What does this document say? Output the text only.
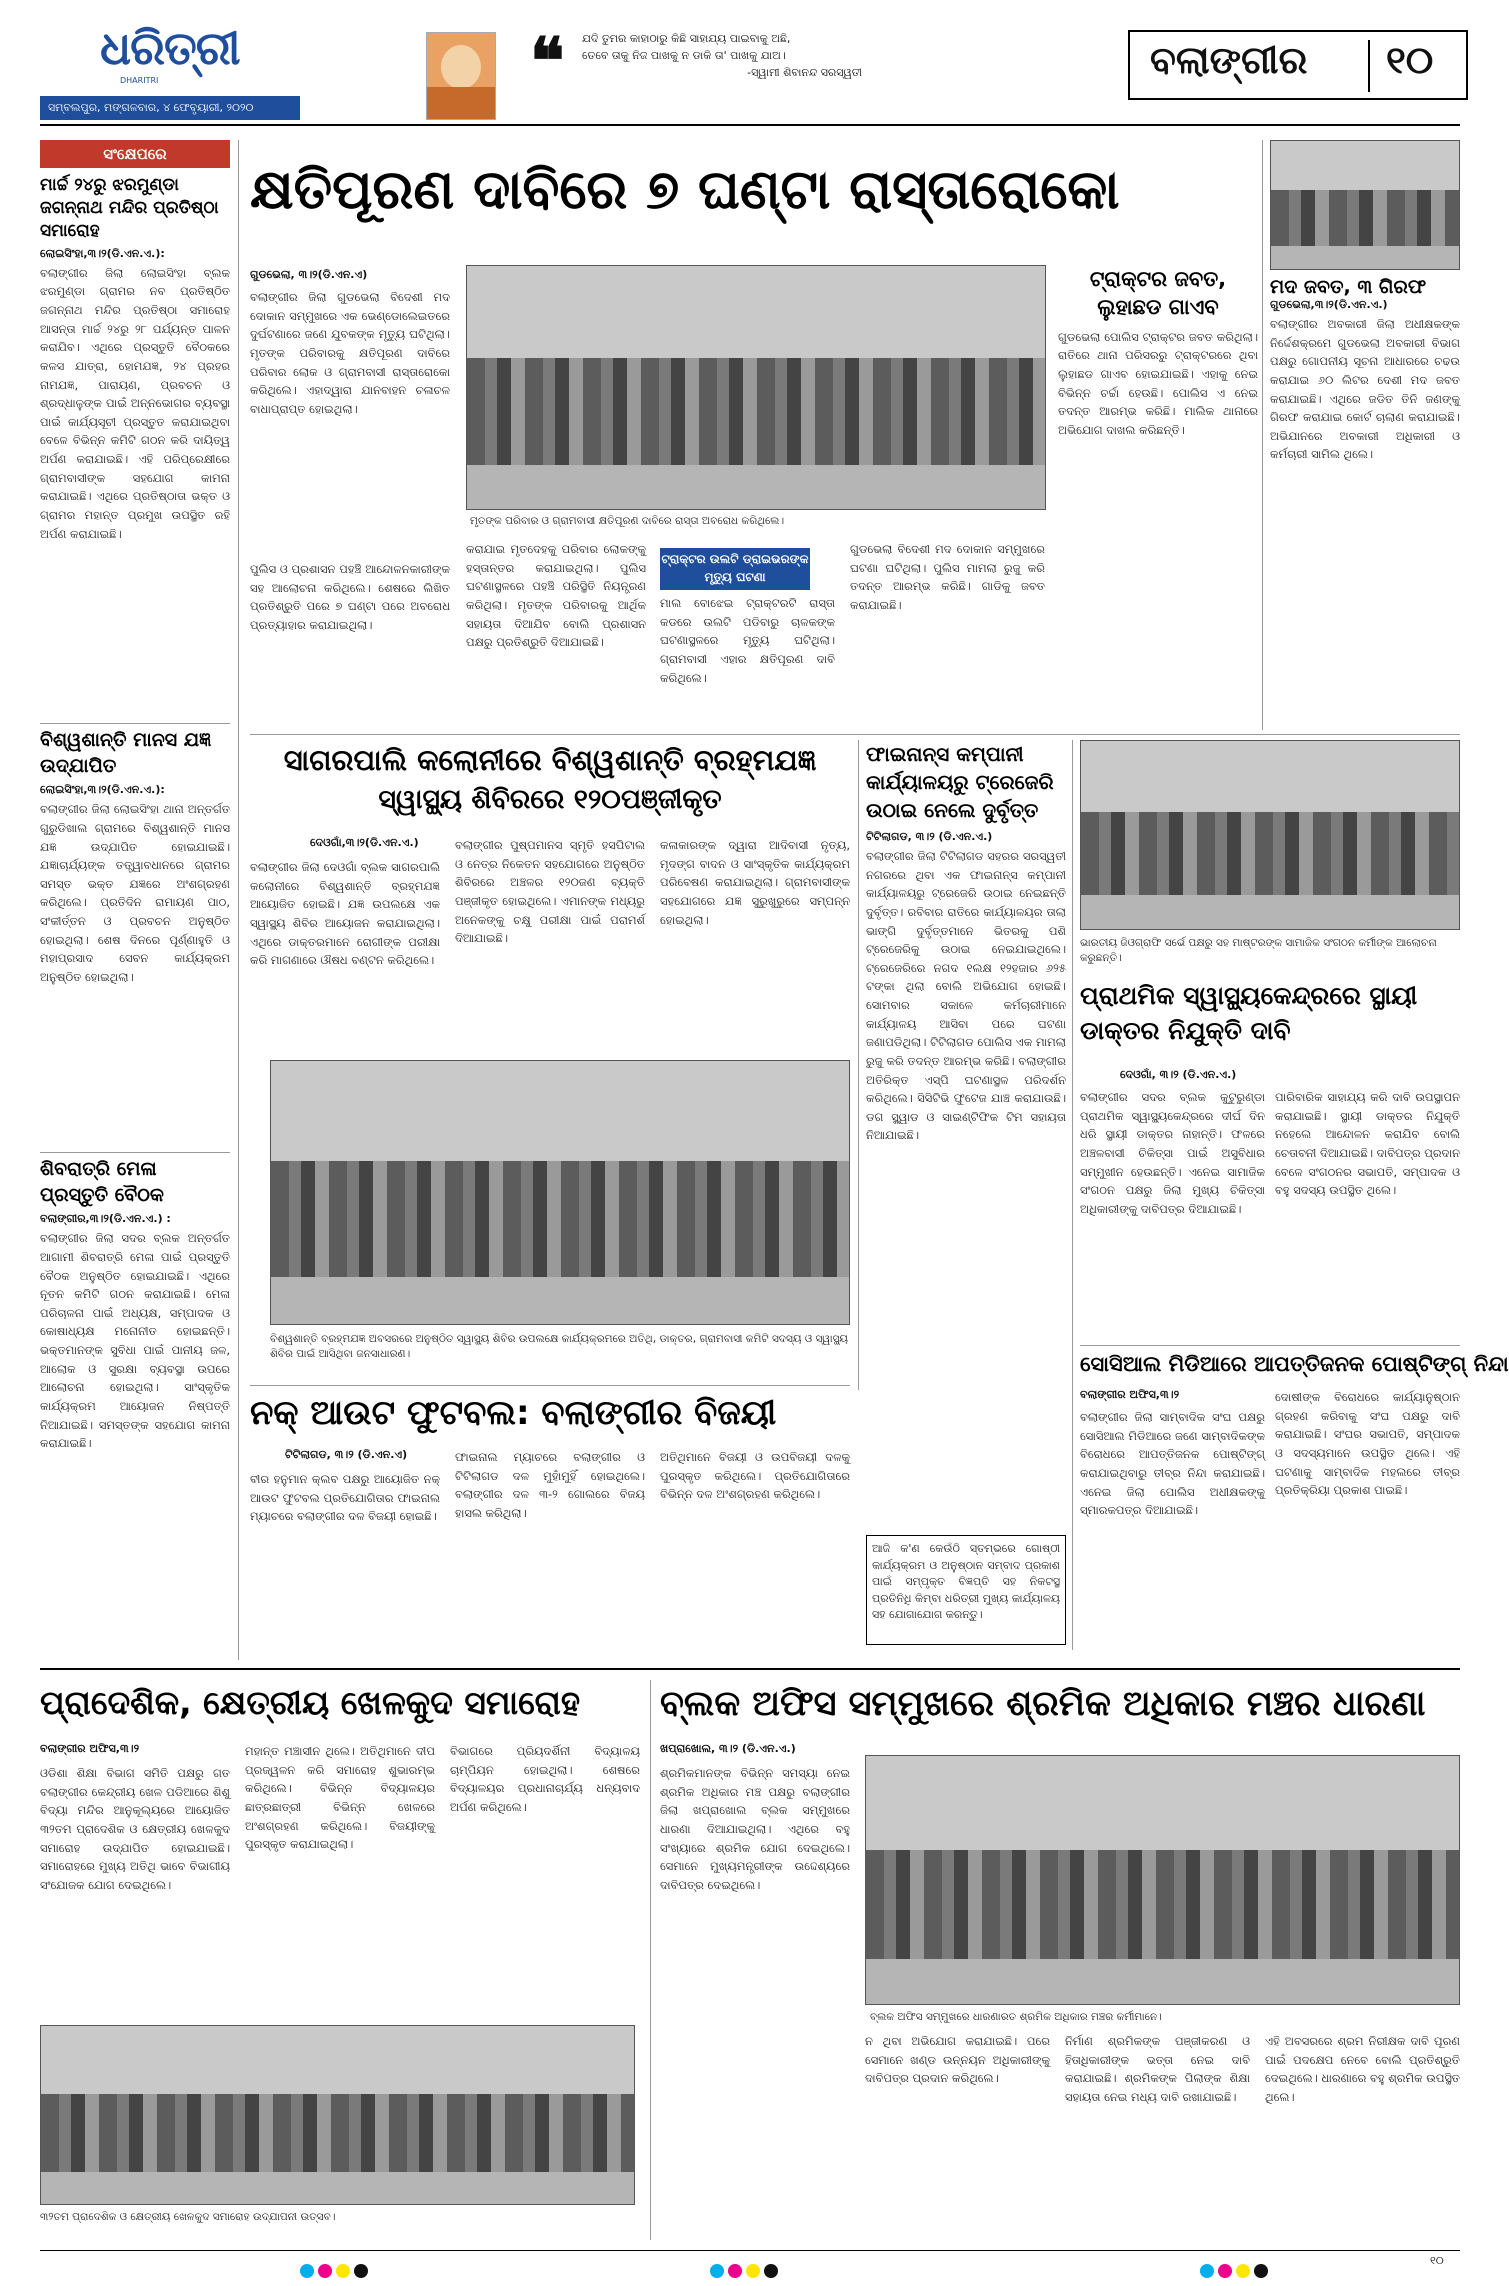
ଧରିତ୍ରୀ
DHARITRI
ସମ୍ବଲପୁର, ମଙ୍ଗଳବାର, ୪ ଫେବୃୟାରୀ, ୨୦୨୦
❝	ଯଦି ତୁମର କାହାଠାରୁ କିଛି ସାହାଯ୍ୟ ପାଇବାକୁ ଅଛି,
ତେବେ ତାକୁ ନିଜ ପାଖକୁ ନ ଡାକି ତା' ପାଖକୁ ଯାଅ।
-ସ୍ୱାମୀ ଶିବାନନ୍ଦ ସରସ୍ୱତୀ	ବଲାଙ୍ଗୀର ୧୦
ସଂକ୍ଷେପରେ
ମାର୍ଚ୍ଚ ୨୪ରୁ ଝରମୁଣ୍ଡା ଜଗନ୍ନାଥ ମନ୍ଦିର ପ୍ରତିଷ୍ଠା ସମାରୋହ
ଲୋଇସିଂହା,୩।୨(ଡି.ଏନ.ଏ.):
ବଲାଙ୍ଗୀର ଜିଲା ଲୋଇସିଂହା ବ୍ଲକ ଝରମୁଣ୍ଡା ଗ୍ରାମର ନବ ପ୍ରତିଷ୍ଠିତ ଜଗନ୍ନାଥ ମନ୍ଦିର ପ୍ରତିଷ୍ଠା ସମାରୋହ ଆସନ୍ତା ମାର୍ଚ୍ଚ ୨୪ରୁ ୨୮ ପର୍ଯ୍ୟନ୍ତ ପାଳନ କରାଯିବ। ଏଥିରେ ପ୍ରସ୍ତୁତି ବୈଠକରେ କଳସ ଯାତ୍ରା, ହୋମଯଜ୍ଞ, ୨୪ ପ୍ରହର ନାମଯଜ୍ଞ, ପାରାୟଣ, ପ୍ରବଚନ ଓ ଶ୍ରଦ୍ଧାଳୁଙ୍କ ପାଇଁ ଅନ୍ନଭୋଗର ବ୍ୟବସ୍ଥା ପାଇଁ କାର୍ଯ୍ୟସୂଚୀ ପ୍ରସ୍ତୁତ କରାଯାଇଥିବା ବେଳେ ବିଭିନ୍ନ କମିଟି ଗଠନ କରି ଦାୟିତ୍ୱ ଅର୍ପଣ କରାଯାଇଛି। ଏହି ପରିପ୍ରେକ୍ଷୀରେ ଗ୍ରାମବାସୀଙ୍କ ସହଯୋଗ କାମନା କରାଯାଇଛି। ଏଥିରେ ପ୍ରତିଷ୍ଠାତା ଭକ୍ତ ଓ ଗ୍ରାମର ମହାନ୍ତ ପ୍ରମୁଖ ଉପସ୍ଥିତ ରହି ଅର୍ପଣ କରାଯାଇଛି।
ବିଶ୍ୱଶାନ୍ତି ମାନସ ଯଜ୍ଞ ଉଦ୍‌ଯାପିତ
ଲୋଇସିଂହା,୩।୨(ଡି.ଏନ.ଏ.):
ବଲାଙ୍ଗୀର ଜିଲା ଲୋଇସିଂହା ଥାନା ଅନ୍ତର୍ଗତ ଗୁରୁଡିଖାଲ ଗ୍ରାମରେ ବିଶ୍ୱଶାନ୍ତି ମାନସ ଯଜ୍ଞ ଉଦ୍‌ଯାପିତ ହୋଇଯାଇଛି। ଯଜ୍ଞାଚାର୍ଯ୍ୟଙ୍କ ତତ୍ତ୍ୱାବଧାନରେ ଗ୍ରାମର ସମସ୍ତ ଭକ୍ତ ଯଜ୍ଞରେ ଅଂଶଗ୍ରହଣ କରିଥିଲେ। ପ୍ରତିଦିନ ରାମାୟଣ ପାଠ, ସଂକୀର୍ତ୍ତନ ଓ ପ୍ରବଚନ ଅନୁଷ୍ଠିତ ହୋଇଥିଲା। ଶେଷ ଦିନରେ ପୂର୍ଣ୍ଣାହୁତି ଓ ମହାପ୍ରସାଦ ସେବନ କାର୍ଯ୍ୟକ୍ରମ ଅନୁଷ୍ଠିତ ହୋଇଥିଲା।
ଶିବରାତ୍ରି ମେଳା ପ୍ରସ୍ତୁତି ବୈଠକ
ବଲାଙ୍ଗୀର,୩।୨(ଡି.ଏନ.ଏ.) :
ବଲାଙ୍ଗୀର ଜିଲା ସଦର ବ୍ଲକ ଅନ୍ତର୍ଗତ ଆଗାମୀ ଶିବରାତ୍ରି ମେଳା ପାଇଁ ପ୍ରସ୍ତୁତି ବୈଠକ ଅନୁଷ୍ଠିତ ହୋଇଯାଇଛି। ଏଥିରେ ନୂତନ କମିଟି ଗଠନ କରାଯାଇଛି। ମେଳା ପରିଚାଳନା ପାଇଁ ଅଧ୍ୟକ୍ଷ, ସମ୍ପାଦକ ଓ କୋଷାଧ୍ୟକ୍ଷ ମନୋନୀତ ହୋଇଛନ୍ତି। ଭକ୍ତମାନଙ୍କ ସୁବିଧା ପାଇଁ ପାନୀୟ ଜଳ, ଆଲୋକ ଓ ସୁରକ୍ଷା ବ୍ୟବସ୍ଥା ଉପରେ ଆଲୋଚନା ହୋଇଥିଲା। ସାଂସ୍କୃତିକ କାର୍ଯ୍ୟକ୍ରମ ଆୟୋଜନ ନିଷ୍ପତ୍ତି ନିଆଯାଇଛି। ସମସ୍ତଙ୍କ ସହଯୋଗ କାମନା କରାଯାଇଛି।
କ୍ଷତିପୂରଣ ଦାବିରେ ୭ ଘଣ୍ଟା ରାସ୍ତାରୋକୋ
ଗୁଡଭେଲା, ୩।୨(ଡି.ଏନ.ଏ)
ବଲାଙ୍ଗୀର ଜିଲା ଗୁଡଭେଲା ବିଦେଶୀ ମଦ ଦୋକାନ ସମ୍ମୁଖରେ ଏକ ଭେଣ୍ଡୋଲେଇତରେ ଦୁର୍ଘଟଣାରେ ଜଣେ ଯୁବକଙ୍କ ମୃତ୍ୟୁ ଘଟିଥିଲା। ମୃତଙ୍କ ପରିବାରକୁ କ୍ଷତିପୂରଣ ଦାବିରେ ପରିବାର ଲୋକ ଓ ଗ୍ରାମବାସୀ ରାସ୍ତାରୋକୋ କରିଥିଲେ। ଏହାଦ୍ୱାରା ଯାନବାହନ ଚଳାଚଳ ବାଧାପ୍ରାପ୍ତ ହୋଇଥିଲା।
ପୁଲିସ ଓ ପ୍ରଶାସନ ପହଞ୍ଚି ଆନ୍ଦୋଳନକାରୀଙ୍କ ସହ ଆଲୋଚନା କରିଥିଲେ। ଶେଷରେ ଲିଖିତ ପ୍ରତିଶ୍ରୁତି ପରେ ୭ ଘଣ୍ଟା ପରେ ଅବରୋଧ ପ୍ରତ୍ୟାହାର କରାଯାଇଥିଲା।
ମୃତଙ୍କ ପରିବାର ଓ ଗ୍ରାମବାସୀ କ୍ଷତିପୂରଣ ଦାବିରେ ରାସ୍ତା ଅବରୋଧ କରିଥିଲେ।
କରାଯାଇ ମୃତଦେହକୁ ପରିବାର ଲୋକଙ୍କୁ ହସ୍ତାନ୍ତର କରାଯାଇଥିଲା। ପୁଲିସ ଘଟଣାସ୍ଥଳରେ ପହଞ୍ଚି ପରିସ୍ଥିତି ନିୟନ୍ତ୍ରଣ କରିଥିଲା। ମୃତଙ୍କ ପରିବାରକୁ ଆର୍ଥିକ ସହାୟତା ଦିଆଯିବ ବୋଲି ପ୍ରଶାସନ ପକ୍ଷରୁ ପ୍ରତିଶ୍ରୁତି ଦିଆଯାଇଛି।
ଟ୍ରାକ୍ଟର ଉଲଟି ଡ୍ରାଇଭରଙ୍କ ମୃତ୍ୟୁ ଘଟଣା
ମାଲ ବୋଝେଇ ଟ୍ରାକ୍ଟରଟି ରାସ୍ତା କଡରେ ଉଲଟି ପଡିବାରୁ ଚାଳକଙ୍କ ଘଟଣାସ୍ଥଳରେ ମୃତ୍ୟୁ ଘଟିଥିଲା। ଗ୍ରାମବାସୀ ଏହାର କ୍ଷତିପୂରଣ ଦାବି କରିଥିଲେ।
ଗୁଡଭେଲା ବିଦେଶୀ ମଦ ଦୋକାନ ସମ୍ମୁଖରେ ଘଟଣା ଘଟିଥିଲା। ପୁଲିସ ମାମଲା ରୁଜୁ କରି ତଦନ୍ତ ଆରମ୍ଭ କରିଛି। ଗାଡିକୁ ଜବତ କରାଯାଇଛି।
ଟ୍ରାକ୍ଟର ଜବତ, ଲୁହାଛଡ ଗାଏବ
ଗୁଡଭେଲା ପୋଲିସ ଟ୍ରାକ୍ଟର ଜବତ କରିଥିଲା। ରାତିରେ ଥାନା ପରିସରରୁ ଟ୍ରାକ୍ଟରରେ ଥିବା ଲୁହାଛଡ ଗାଏବ ହୋଇଯାଇଛି। ଏହାକୁ ନେଇ ବିଭିନ୍ନ ଚର୍ଚ୍ଚା ହେଉଛି। ପୋଲିସ ଏ ନେଇ ତଦନ୍ତ ଆରମ୍ଭ କରିଛି। ମାଲିକ ଥାନାରେ ଅଭିଯୋଗ ଦାଖଲ କରିଛନ୍ତି।
ମଦ ଜବତ, ୩ ଗିରଫ
ଗୁଡଭେଲା,୩।୨(ଡି.ଏନ.ଏ.)
ବଲାଙ୍ଗୀର ଅବକାରୀ ଜିଲା ଅଧୀକ୍ଷକଙ୍କ ନିର୍ଦ୍ଦେଶକ୍ରମେ ଗୁଡଭେଲା ଅବକାରୀ ବିଭାଗ ପକ୍ଷରୁ ଗୋପନୀୟ ସୂଚନା ଆଧାରରେ ଚଢଉ କରାଯାଇ ୬୦ ଲିଟର ଦେଶୀ ମଦ ଜବତ କରାଯାଇଛି। ଏଥିରେ ଜଡିତ ତିନି ଜଣଙ୍କୁ ଗିରଫ କରାଯାଇ କୋର୍ଟ ଚାଲାଣ କରାଯାଇଛି। ଅଭିଯାନରେ ଅବକାରୀ ଅଧିକାରୀ ଓ କର୍ମଚାରୀ ସାମିଲ ଥିଲେ।
ସାଗରପାଲି କଲୋନୀରେ ବିଶ୍ୱଶାନ୍ତି ବ୍ରହ୍ମଯଜ୍ଞ
ସ୍ୱାସ୍ଥ୍ୟ ଶିବିରରେ ୧୨୦ପଞ୍ଜୀକୃତ
ଦେଓଗାଁ,୩।୨(ଡି.ଏନ.ଏ.)
ବଲାଙ୍ଗୀର ଜିଲା ଦେଓଗାଁ ବ୍ଲକ ସାଗରପାଲି କଲୋନୀରେ ବିଶ୍ୱଶାନ୍ତି ବ୍ରହ୍ମଯଜ୍ଞ ଆୟୋଜିତ ହୋଇଛି। ଯଜ୍ଞ ଉପଲକ୍ଷେ ଏକ ସ୍ୱାସ୍ଥ୍ୟ ଶିବିର ଆୟୋଜନ କରାଯାଇଥିଲା। ଏଥିରେ ଡାକ୍ତରମାନେ ରୋଗୀଙ୍କ ପରୀକ୍ଷା କରି ମାଗଣାରେ ଔଷଧ ବଣ୍ଟନ କରିଥିଲେ।
ବଲାଙ୍ଗୀର ପୁଷ୍ପମାନସ ସ୍ମୃତି ହସପିଟାଲ ଓ ନେତ୍ର ନିକେତନ ସହଯୋଗରେ ଅନୁଷ୍ଠିତ ଶିବିରରେ ଅଞ୍ଚଳର ୧୨୦ଜଣ ବ୍ୟକ୍ତି ପଞ୍ଜୀକୃତ ହୋଇଥିଲେ। ଏମାନଙ୍କ ମଧ୍ୟରୁ ଅନେକଙ୍କୁ ଚକ୍ଷୁ ପରୀକ୍ଷା ପାଇଁ ପରାମର୍ଶ ଦିଆଯାଇଛି।
କଳାକାରଙ୍କ ଦ୍ୱାରା ଆଦିବାସୀ ନୃତ୍ୟ, ମୃଦଙ୍ଗ ବାଦନ ଓ ସାଂସ୍କୃତିକ କାର୍ଯ୍ୟକ୍ରମ ପରିବେଷଣ କରାଯାଇଥିଲା। ଗ୍ରାମବାସୀଙ୍କ ସହଯୋଗରେ ଯଜ୍ଞ ସୁରୁଖୁରୁରେ ସମ୍ପନ୍ନ ହୋଇଥିଲା।
ବିଶ୍ୱଶାନ୍ତି ବ୍ରହ୍ମଯଜ୍ଞ ଅବସରରେ ଅନୁଷ୍ଠିତ ସ୍ୱାସ୍ଥ୍ୟ ଶିବିର ଉପଲକ୍ଷେ କାର୍ଯ୍ୟକ୍ରମରେ ଅତିଥି, ଡାକ୍ତର, ଗ୍ରାମବାସୀ କମିଟି ସଦସ୍ୟ ଓ ସ୍ୱାସ୍ଥ୍ୟ ଶିବିର ପାଇଁ ଆସିଥିବା ଜନସାଧାରଣ।
ଫାଇନାନ୍ସ କମ୍ପାନୀ କାର୍ଯ୍ୟାଳୟରୁ ଟ୍ରେଜେରି ଉଠାଇ ନେଲେ ଦୁର୍ବୃତ୍ତ
ଟିଟିଲାଗଡ, ୩।୨ (ଡି.ଏନ.ଏ.)
ବଲାଙ୍ଗୀର ଜିଲା ଟିଟିଲାଗଡ ସହରର ସରସ୍ୱତୀ ନଗରରେ ଥିବା ଏକ ଫାଇନାନ୍ସ କମ୍ପାନୀ କାର୍ଯ୍ୟାଳୟରୁ ଟ୍ରେଜେରି ଉଠାଇ ନେଇଛନ୍ତି ଦୁର୍ବୃତ୍ତ। ରବିବାର ରାତିରେ କାର୍ଯ୍ୟାଳୟର ତାଲା ଭାଙ୍ଗି ଦୁର୍ବୃତ୍ତମାନେ ଭିତରକୁ ପଶି ଟ୍ରେଜେରିକୁ ଉଠାଇ ନେଇଯାଇଥିଲେ। ଟ୍ରେଜେରିରେ ନଗଦ ୧ଲକ୍ଷ ୧୨ହଜାର ୬୨୫ ଟଙ୍କା ଥିଲା ବୋଲି ଅଭିଯୋଗ ହୋଇଛି। ସୋମବାର ସକାଳେ କର୍ମଚାରୀମାନେ କାର୍ଯ୍ୟାଳୟ ଆସିବା ପରେ ଘଟଣା ଜଣାପଡିଥିଲା। ଟିଟିଲାଗଡ ପୋଲିସ ଏକ ମାମଲା ରୁଜୁ କରି ତଦନ୍ତ ଆରମ୍ଭ କରିଛି। ବଲାଙ୍ଗୀର ଅତିରିକ୍ତ ଏସ୍‌ପି ଘଟଣାସ୍ଥଳ ପରିଦର୍ଶନ କରିଥିଲେ। ସିସିଟିଭି ଫୁଟେଜ ଯାଞ୍ଚ କରାଯାଉଛି। ଡଗ ସ୍କ୍ୱାଡ ଓ ସାଇଣ୍ଟିଫିକ ଟିମ ସହାୟତା ନିଆଯାଇଛି।
ଆଜି କ'ଣ କେଉଁଠି ସ୍ତମ୍ଭରେ ଗୋଷ୍ଠୀ କାର୍ଯ୍ୟକ୍ରମ ଓ ଅନୁଷ୍ଠାନ ସମ୍ବାଦ ପ୍ରକାଶ ପାଇଁ ସମ୍ପୃକ୍ତ ବିଜ୍ଞପ୍ତି ସହ ନିକଟସ୍ଥ ପ୍ରତିନିଧି କିମ୍ବା ଧରିତ୍ରୀ ମୁଖ୍ୟ କାର୍ଯ୍ୟାଳୟ ସହ ଯୋଗାଯୋଗ କରନ୍ତୁ।
ଭାରତୀୟ ଜିଓଗ୍ରାଫି ସର୍ଭେ ପକ୍ଷରୁ ସହ ମାଷ୍ଟରଙ୍କ ସାମାଜିକ ସଂଗଠନ କର୍ମୀଙ୍କ ଆଲୋଚନା କରୁଛନ୍ତି।
ପ୍ରାଥମିକ ସ୍ୱାସ୍ଥ୍ୟକେନ୍ଦ୍ରରେ ସ୍ଥାୟୀ ଡାକ୍ତର ନିଯୁକ୍ତି ଦାବି
ଦେଓଗାଁ, ୩।୨ (ଡି.ଏନ.ଏ.)
ବଲାଙ୍ଗୀର ସଦର ବ୍ଲକ କୁଟୁରୁଣ୍ଡା ପ୍ରାଥମିକ ସ୍ୱାସ୍ଥ୍ୟକେନ୍ଦ୍ରରେ ଦୀର୍ଘ ଦିନ ଧରି ସ୍ଥାୟୀ ଡାକ୍ତର ନାହାନ୍ତି। ଫଳରେ ଅଞ୍ଚଳବାସୀ ଚିକିତ୍ସା ପାଇଁ ଅସୁବିଧାର ସମ୍ମୁଖୀନ ହେଉଛନ୍ତି। ଏନେଇ ସାମାଜିକ ସଂଗଠନ ପକ୍ଷରୁ ଜିଲା ମୁଖ୍ୟ ଚିକିତ୍ସା ଅଧିକାରୀଙ୍କୁ ଦାବିପତ୍ର ଦିଆଯାଇଛି।
ପାରିବାରିକ ସାହାଯ୍ୟ କରି ଦାବି ଉପସ୍ଥାପନ କରାଯାଇଛି। ସ୍ଥାୟୀ ଡାକ୍ତର ନିଯୁକ୍ତି ନହେଲେ ଆନ୍ଦୋଳନ କରାଯିବ ବୋଲି ଚେତାବନୀ ଦିଆଯାଇଛି। ଦାବିପତ୍ର ପ୍ରଦାନ ବେଳେ ସଂଗଠନର ସଭାପତି, ସମ୍ପାଦକ ଓ ବହୁ ସଦସ୍ୟ ଉପସ୍ଥିତ ଥିଲେ।
ନକ୍ ଆଉଟ ଫୁଟବଲ: ବଲାଙ୍ଗୀର ବିଜୟୀ
ଟିଟିଲାଗଡ, ୩।୨ (ଡି.ଏନ.ଏ)
ବୀର ହନୁମାନ କ୍ଲବ ପକ୍ଷରୁ ଆୟୋଜିତ ନକ୍ ଆଉଟ ଫୁଟବଲ ପ୍ରତିଯୋଗିତାର ଫାଇନାଲ ମ୍ୟାଚରେ ବଲାଙ୍ଗୀର ଦଳ ବିଜୟୀ ହୋଇଛି।
ଫାଇନାଲ ମ୍ୟାଚରେ ବଲାଙ୍ଗୀର ଓ ଟିଟିଲାଗଡ ଦଳ ମୁହାଁମୁହିଁ ହୋଇଥିଲେ। ବଲାଙ୍ଗୀର ଦଳ ୩-୨ ଗୋଲରେ ବିଜୟ ହାସଲ କରିଥିଲା।
ଅତିଥିମାନେ ବିଜୟୀ ଓ ଉପବିଜୟୀ ଦଳକୁ ପୁରସ୍କୃତ କରିଥିଲେ। ପ୍ରତିଯୋଗିତାରେ ବିଭିନ୍ନ ଦଳ ଅଂଶଗ୍ରହଣ କରିଥିଲେ।
ସୋସିଆଲ ମିଡିଆରେ ଆପତ୍ତିଜନକ ପୋଷ୍ଟିଙ୍ଗ୍ ନିନ୍ଦା
ବଲାଙ୍ଗୀର ଅଫିସ,୩।୨
ବଲାଙ୍ଗୀର ଜିଲା ସାମ୍ବାଦିକ ସଂଘ ପକ୍ଷରୁ ସୋସିଆଲ ମିଡିଆରେ ଜଣେ ସାମ୍ବାଦିକଙ୍କ ବିରୋଧରେ ଆପତ୍ତିଜନକ ପୋଷ୍ଟିଙ୍ଗ୍ କରାଯାଇଥିବାରୁ ତୀବ୍ର ନିନ୍ଦା କରାଯାଇଛି। ଏନେଇ ଜିଲା ପୋଲିସ ଅଧୀକ୍ଷକଙ୍କୁ ସ୍ମାରକପତ୍ର ଦିଆଯାଇଛି।
ଦୋଷୀଙ୍କ ବିରୋଧରେ କାର୍ଯ୍ୟାନୁଷ୍ଠାନ ଗ୍ରହଣ କରିବାକୁ ସଂଘ ପକ୍ଷରୁ ଦାବି କରାଯାଇଛି। ସଂଘର ସଭାପତି, ସମ୍ପାଦକ ଓ ସଦସ୍ୟମାନେ ଉପସ୍ଥିତ ଥିଲେ। ଏହି ଘଟଣାକୁ ସାମ୍ବାଦିକ ମହଲରେ ତୀବ୍ର ପ୍ରତିକ୍ରିୟା ପ୍ରକାଶ ପାଇଛି।
ପ୍ରାଦେଶିକ, କ୍ଷେତ୍ରୀୟ ଖେଳକୁଦ ସମାରୋହ
ବଲାଙ୍ଗୀର ଅଫିସ,୩।୨
ଓଡିଶା ଶିକ୍ଷା ବିଭାଗ ସମିତି ପକ୍ଷରୁ ଗତ ବଲାଙ୍ଗୀର କେନ୍ଦ୍ରୀୟ ଖେଳ ପଡିଆରେ ଶିଶୁ ବିଦ୍ୟା ମନ୍ଦିର ଆନୁକୂଲ୍ୟରେ ଆୟୋଜିତ ୩୨ତମ ପ୍ରାଦେଶିକ ଓ କ୍ଷେତ୍ରୀୟ ଖେଳକୁଦ ସମାରୋହ ଉଦ୍‌ଯାପିତ ହୋଇଯାଇଛି। ସମାରୋହରେ ମୁଖ୍ୟ ଅତିଥି ଭାବେ ବିଭାଗୀୟ ସଂଯୋଜକ ଯୋଗ ଦେଇଥିଲେ।
ମହାନ୍ତ ମଞ୍ଚାସୀନ ଥିଲେ। ଅତିଥିମାନେ ଦୀପ ପ୍ରଜ୍ୱଳନ କରି ସମାରୋହ ଶୁଭାରମ୍ଭ କରିଥିଲେ। ବିଭିନ୍ନ ବିଦ୍ୟାଳୟର ଛାତ୍ରଛାତ୍ରୀ ବିଭିନ୍ନ ଖେଳରେ ଅଂଶଗ୍ରହଣ କରିଥିଲେ। ବିଜୟୀଙ୍କୁ ପୁରସ୍କୃତ କରାଯାଇଥିଲା।
ବିଭାଗରେ ପ୍ରିୟଦର୍ଶିନୀ ବିଦ୍ୟାଳୟ ଚାମ୍ପିୟନ ହୋଇଥିଲା। ଶେଷରେ ବିଦ୍ୟାଳୟର ପ୍ରଧାନାଚାର୍ଯ୍ୟ ଧନ୍ୟବାଦ ଅର୍ପଣ କରିଥିଲେ।
୩୨ତମ ପ୍ରାଦେଶିକ ଓ କ୍ଷେତ୍ରୀୟ ଖେଳକୁଦ ସମାରୋହ ଉଦ୍‌ଯାପନୀ ଉତ୍ସବ।
ବ୍ଲକ ଅଫିସ ସମ୍ମୁଖରେ ଶ୍ରମିକ ଅଧିକାର ମଞ୍ଚର ଧାରଣା
ଖପ୍ରାଖୋଲ, ୩।୨ (ଡି.ଏନ.ଏ.)
ଶ୍ରମିକମାନଙ୍କ ବିଭିନ୍ନ ସମସ୍ୟା ନେଇ ଶ୍ରମିକ ଅଧିକାର ମଞ୍ଚ ପକ୍ଷରୁ ବଲାଙ୍ଗୀର ଜିଲା ଖପ୍ରାଖୋଲ ବ୍ଲକ ସମ୍ମୁଖରେ ଧାରଣା ଦିଆଯାଇଥିଲା। ଏଥିରେ ବହୁ ସଂଖ୍ୟାରେ ଶ୍ରମିକ ଯୋଗ ଦେଇଥିଲେ। ସେମାନେ ମୁଖ୍ୟମନ୍ତ୍ରୀଙ୍କ ଉଦ୍ଦେଶ୍ୟରେ ଦାବିପତ୍ର ଦେଇଥିଲେ।
ବ୍ଲକ ଅଫିସ ସମ୍ମୁଖରେ ଧାରଣାରତ ଶ୍ରମିକ ଅଧିକାର ମଞ୍ଚର କର୍ମୀମାନେ।
ନ ଥିବା ଅଭିଯୋଗ କରାଯାଇଛି। ପରେ ସେମାନେ ଖଣ୍ଡ ଉନ୍ନୟନ ଅଧିକାରୀଙ୍କୁ ଦାବିପତ୍ର ପ୍ରଦାନ କରିଥିଲେ।
ନିର୍ମାଣ ଶ୍ରମିକଙ୍କ ପଞ୍ଜୀକରଣ ଓ ହିତାଧିକାରୀଙ୍କ ଭତ୍ତା ନେଇ ଦାବି କରାଯାଇଛି। ଶ୍ରମିକଙ୍କ ପିଲାଙ୍କ ଶିକ୍ଷା ସହାୟତା ନେଇ ମଧ୍ୟ ଦାବି ରଖାଯାଇଛି।
ଏହି ଅବସରରେ ଶ୍ରମ ନିରୀକ୍ଷକ ଦାବି ପୂରଣ ପାଇଁ ପଦକ୍ଷେପ ନେବେ ବୋଲି ପ୍ରତିଶ୍ରୁତି ଦେଇଥିଲେ। ଧାରଣାରେ ବହୁ ଶ୍ରମିକ ଉପସ୍ଥିତ ଥିଲେ।
୧୦
